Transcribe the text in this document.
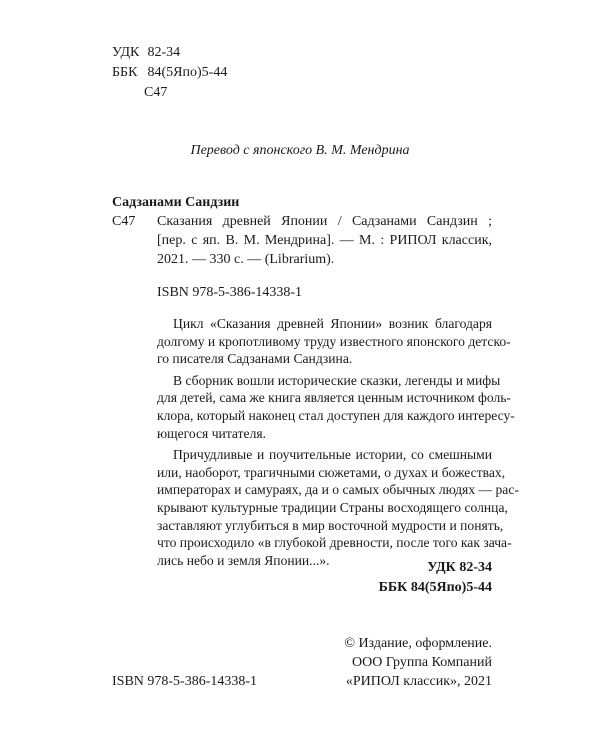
УДК 82-34
ББК 84(5Япо)5-44
С47
Перевод с японского В. М. Мендрина
Садзанами Сандзин
С47 Сказания древней Японии / Садзанами Сандзин ;
[пер. с яп. В. М. Мендрина]. — М. : РИПОЛ классик,
2021. — 330 с. — (Librarium).
ISBN 978-5-386-14338-1

Цикл «Сказания древней Японии» возник благодаря
долгому и кропотливому труду известного японского детско-
го писателя Садзанами Сандзина.

В сборник вошли исторические сказки, легенды и мифы
для детей, сама же книга является ценным источником фоль-
клора, который наконец стал доступен для каждого интересу-
ющегося читателя.

Причудливые и поучительные истории, со смешными
или, наоборот, трагичными сюжетами, о духах и божествах,
императорах и самураях, да и о самых обычных людях — рас-
крывают культурные традиции Страны восходящего солнца,
заставляют углубиться в мир восточной мудрости и понять,
что происходило «в глубокой древности, после того как зача-
лись небо и земля Японии...».	УДК 82-34
ББК 84(5Япо)5-44
© Издание, оформление.
ООО Группа Компаний
«РИПОЛ классик», 2021
ISBN 978-5-386-14338-1
